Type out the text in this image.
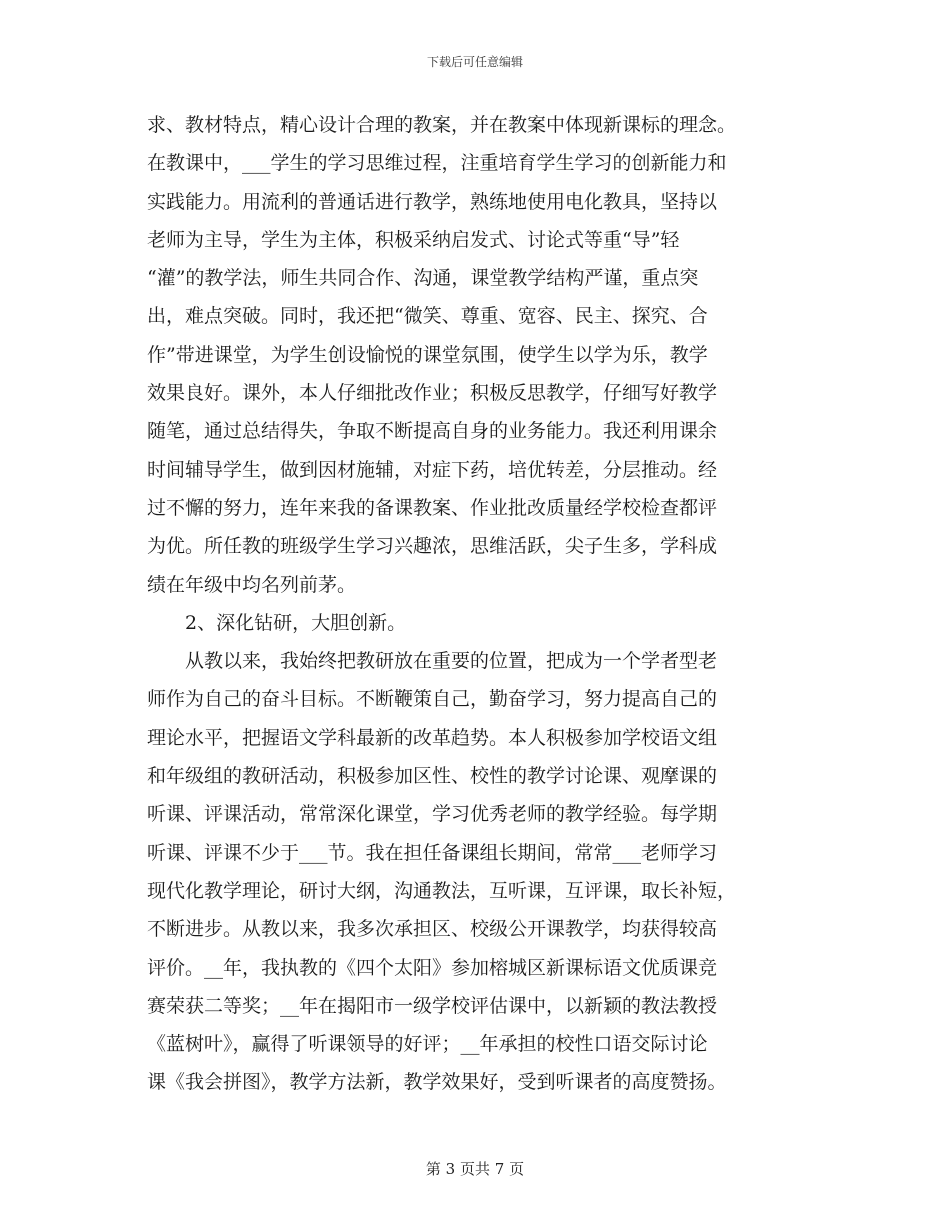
下载后可任意编辑
求、教材特点，精心设计合理的教案，并在教案中体现新课标的理念。
在教课中，___学生的学习思维过程，注重培育学生学习的创新能力和
实践能力。用流利的普通话进行教学，熟练地使用电化教具，坚持以
老师为主导，学生为主体，积极采纳启发式、讨论式等重“导”轻
“灌”的教学法，师生共同合作、沟通，课堂教学结构严谨，重点突
出，难点突破。同时，我还把“微笑、尊重、宽容、民主、探究、合
作”带进课堂，为学生创设愉悦的课堂氛围，使学生以学为乐，教学
效果良好。课外，本人仔细批改作业；积极反思教学，仔细写好教学
随笔，通过总结得失，争取不断提高自身的业务能力。我还利用课余
时间辅导学生，做到因材施辅，对症下药，培优转差，分层推动。经
过不懈的努力，连年来我的备课教案、作业批改质量经学校检查都评
为优。所任教的班级学生学习兴趣浓，思维活跃，尖子生多，学科成
绩在年级中均名列前茅。
2、深化钻研，大胆创新。
从教以来，我始终把教研放在重要的位置，把成为一个学者型老
师作为自己的奋斗目标。不断鞭策自己，勤奋学习，努力提高自己的
理论水平，把握语文学科最新的改革趋势。本人积极参加学校语文组
和年级组的教研活动，积极参加区性、校性的教学讨论课、观摩课的
听课、评课活动，常常深化课堂，学习优秀老师的教学经验。每学期
听课、评课不少于___节。我在担任备课组长期间，常常___老师学习
现代化教学理论，研讨大纲，沟通教法，互听课，互评课，取长补短，
不断进步。从教以来，我多次承担区、校级公开课教学，均获得较高
评价。__年，我执教的《四个太阳》参加榕城区新课标语文优质课竞
赛荣获二等奖；__年在揭阳市一级学校评估课中，以新颖的教法教授
《蓝树叶》，赢得了听课领导的好评；__年承担的校性口语交际讨论
课《我会拼图》，教学方法新，教学效果好，受到听课者的高度赞扬。
第 3 页共 7 页
